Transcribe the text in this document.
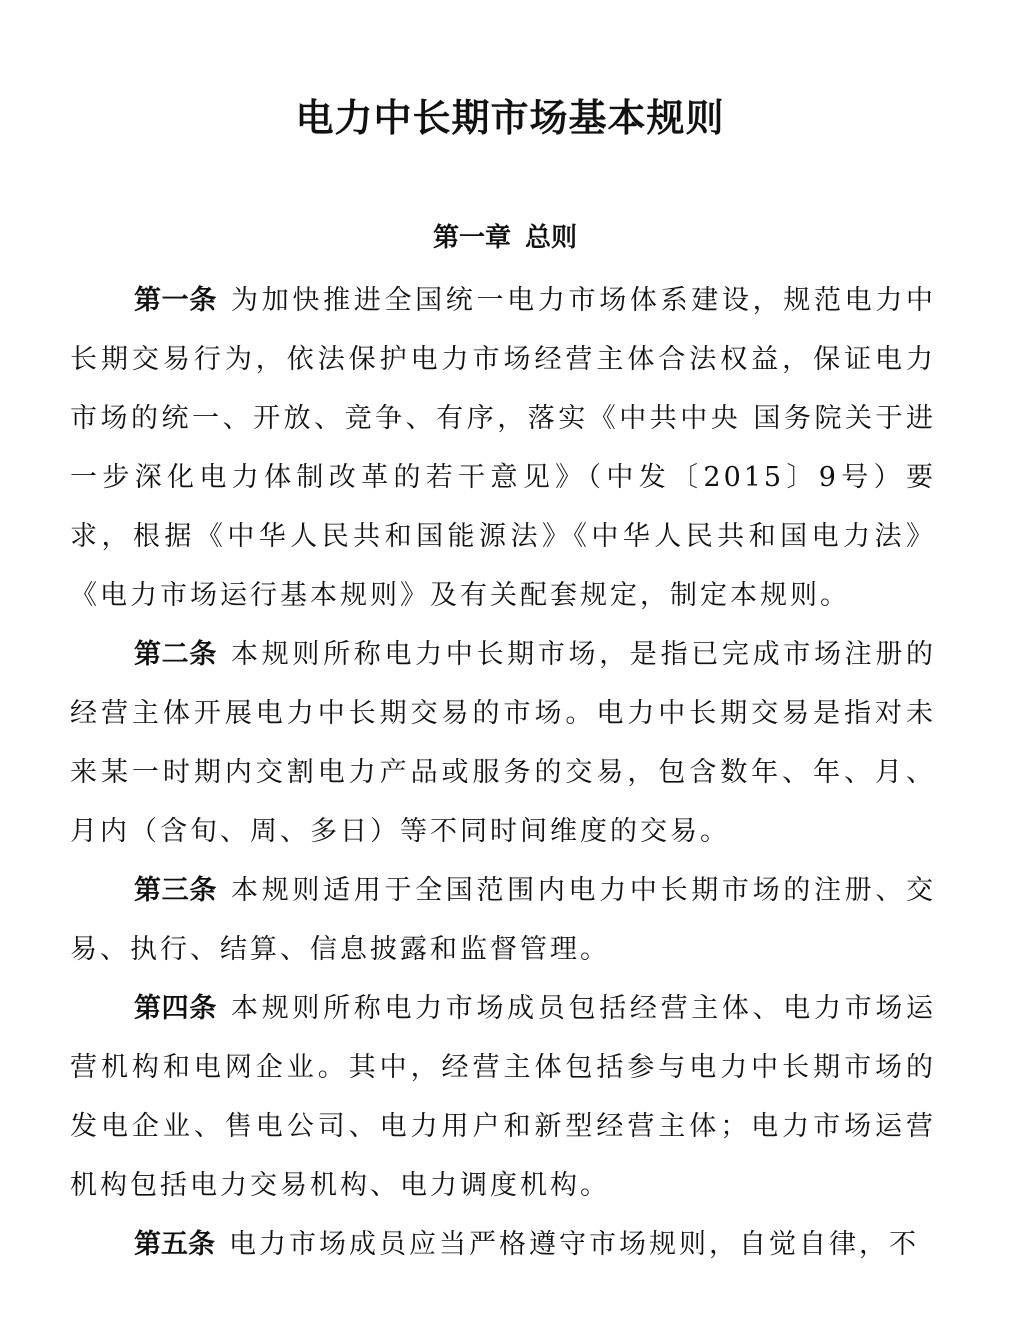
电力中长期市场基本规则
第一章 总则

第一条 为加快推进全国统一电力市场体系建设，规范电力中长期交易行为，依法保护电力市场经营主体合法权益，保证电力市场的统一、开放、竞争、有序，落实《中共中央 国务院关于进一步深化电力体制改革的若干意见》（中发〔2015〕9号）要求，根据《中华人民共和国能源法》《中华人民共和国电力法》《电力市场运行基本规则》及有关配套规定，制定本规则。

第二条 本规则所称电力中长期市场，是指已完成市场注册的经营主体开展电力中长期交易的市场。电力中长期交易是指对未来某一时期内交割电力产品或服务的交易，包含数年、年、月、月内（含旬、周、多日）等不同时间维度的交易。

第三条 本规则适用于全国范围内电力中长期市场的注册、交易、执行、结算、信息披露和监督管理。

第四条 本规则所称电力市场成员包括经营主体、电力市场运营机构和电网企业。其中，经营主体包括参与电力中长期市场的发电企业、售电公司、电力用户和新型经营主体；电力市场运营机构包括电力交易机构、电力调度机构。

第五条 电力市场成员应当严格遵守市场规则，自觉自律，不
